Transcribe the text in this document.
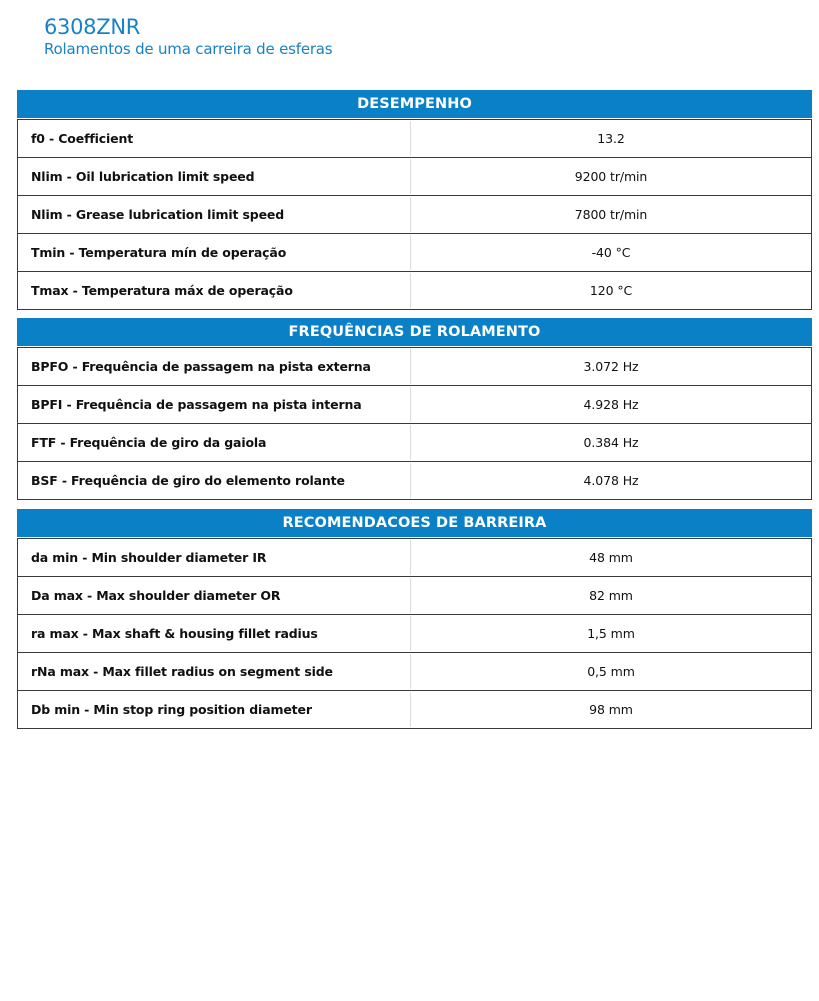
6308ZNR
Rolamentos de uma carreira de esferas
DESEMPENHO
f0 - Coefficient	13.2
Nlim - Oil lubrication limit speed	9200 tr/min
Nlim - Grease lubrication limit speed	7800 tr/min
Tmin - Temperatura mín de operação	-40 °C
Tmax - Temperatura máx de operação	120 °C
FREQUÊNCIAS DE ROLAMENTO
BPFO - Frequência de passagem na pista externa	3.072 Hz
BPFI - Frequência de passagem na pista interna	4.928 Hz
FTF - Frequência de giro da gaiola	0.384 Hz
BSF - Frequência de giro do elemento rolante	4.078 Hz
RECOMENDACOES DE BARREIRA
da min - Min shoulder diameter IR	48 mm
Da max - Max shoulder diameter OR	82 mm
ra max - Max shaft & housing fillet radius	1,5 mm
rNa max - Max fillet radius on segment side	0,5 mm
Db min - Min stop ring position diameter	98 mm
